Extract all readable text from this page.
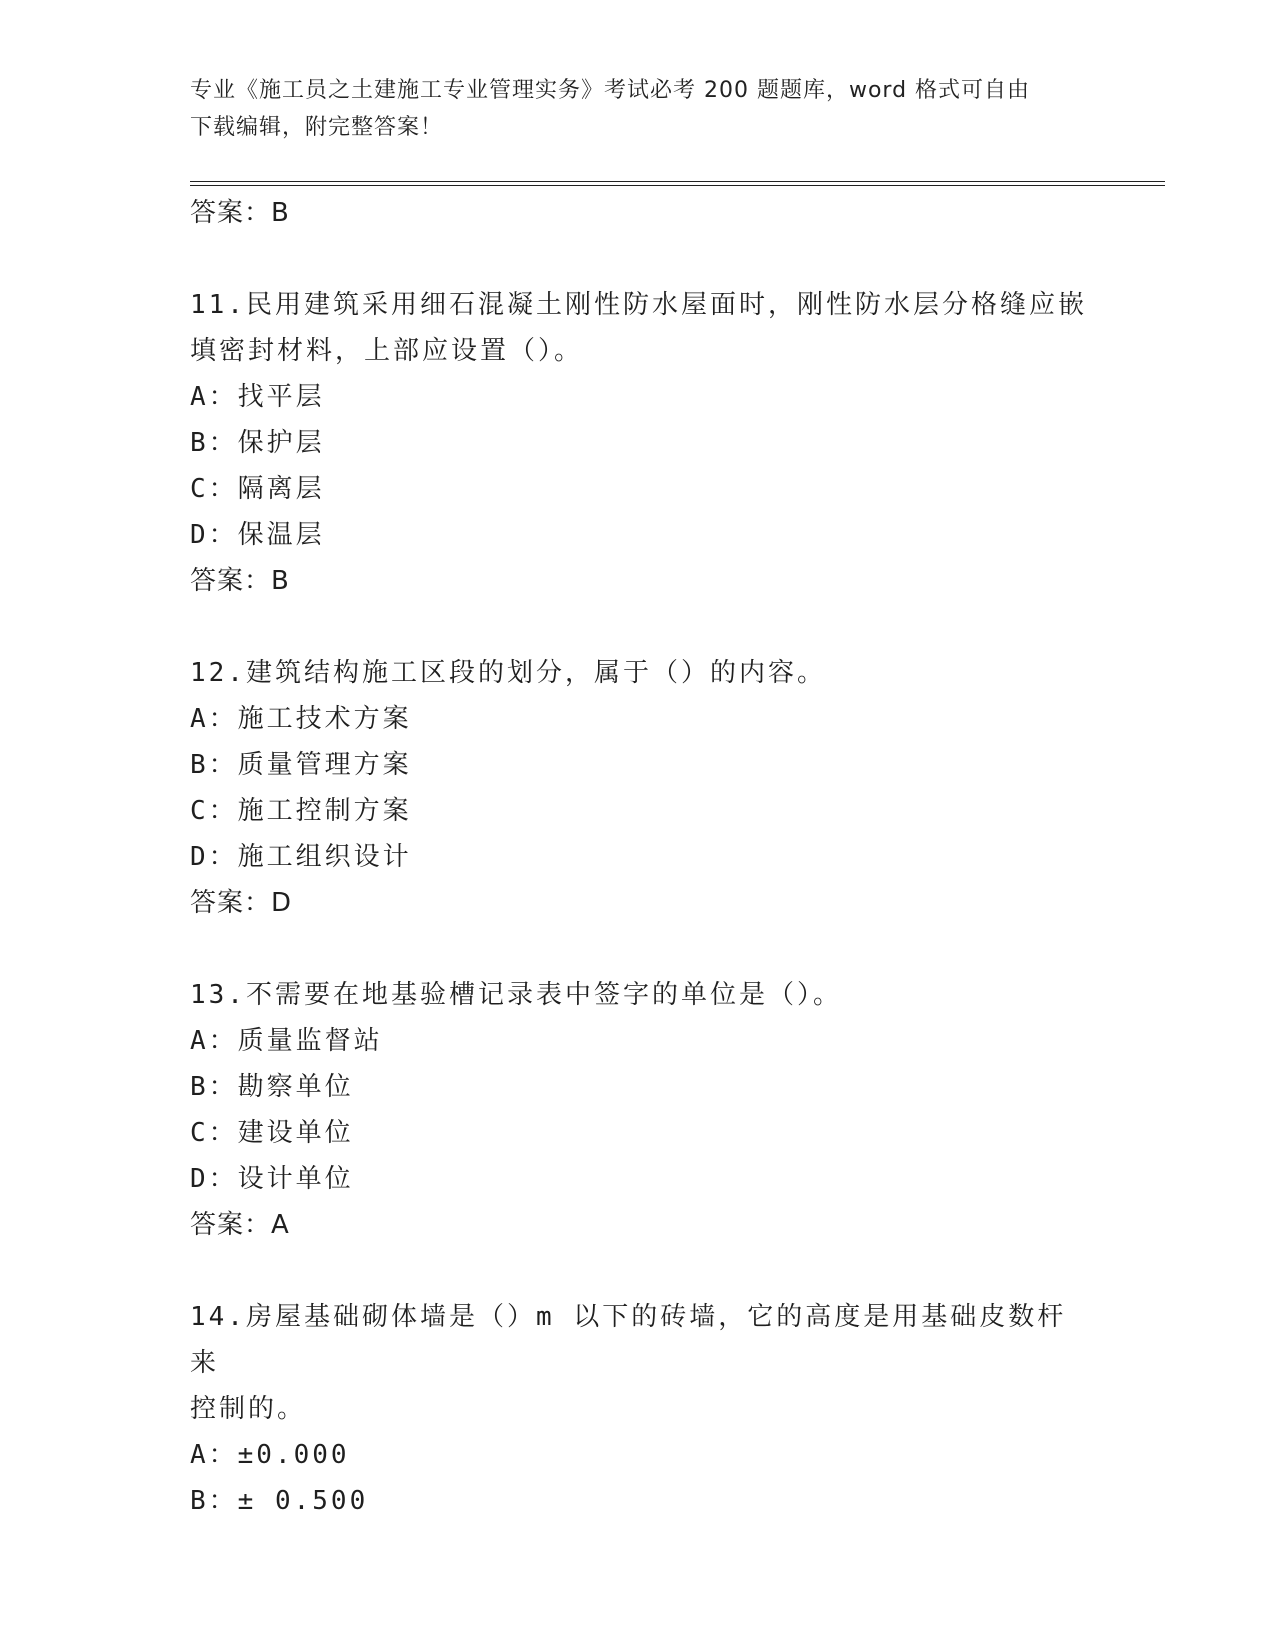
专业《施工员之土建施工专业管理实务》考试必考 200 题题库，word 格式可自由
下载编辑，附完整答案！
答案：B
11.民用建筑采用细石混凝土刚性防水屋面时，刚性防水层分格缝应嵌
填密封材料，上部应设置（）。
A：找平层
B：保护层
C：隔离层
D：保温层
答案：B
12.建筑结构施工区段的划分，属于（）的内容。
A：施工技术方案
B：质量管理方案
C：施工控制方案
D：施工组织设计
答案：D
13.不需要在地基验槽记录表中签字的单位是（）。
A：质量监督站
B：勘察单位
C：建设单位
D：设计单位
答案：A
14.房屋基础砌体墙是（）m 以下的砖墙，它的高度是用基础皮数杆来
控制的。
A：±0.000
B：± 0.500
